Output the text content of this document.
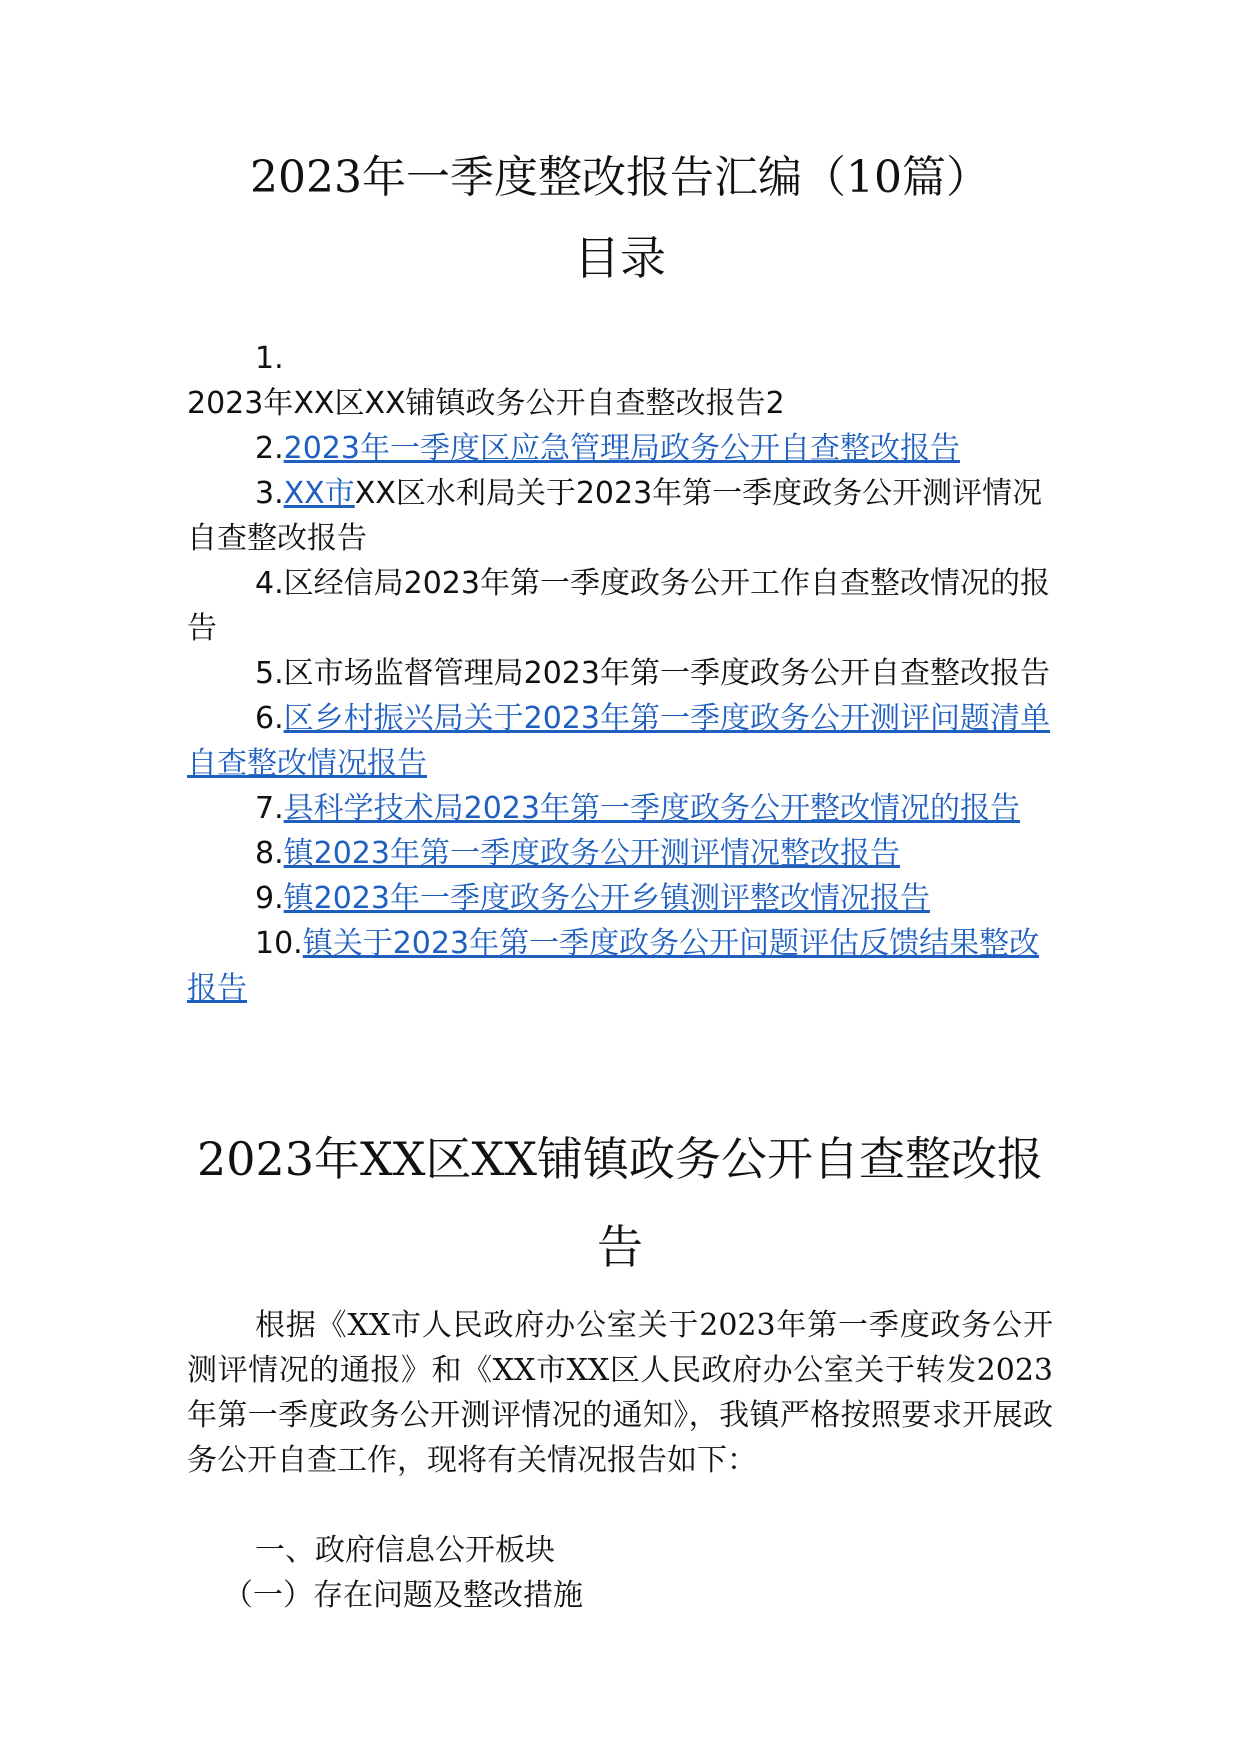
2023年一季度整改报告汇编（10篇）
目录
1.
2023年XX区XX铺镇政务公开自查整改报告2
2.2023年一季度区应急管理局政务公开自查整改报告
3.XX市XX区水利局关于2023年第一季度政务公开测评情况自查整改报告
4.区经信局2023年第一季度政务公开工作自查整改情况的报告
5.区市场监督管理局2023年第一季度政务公开自查整改报告
6.区乡村振兴局关于2023年第一季度政务公开测评问题清单自查整改情况报告
7.县科学技术局2023年第一季度政务公开整改情况的报告
8.镇2023年第一季度政务公开测评情况整改报告
9.镇2023年一季度政务公开乡镇测评整改情况报告
10.镇关于2023年第一季度政务公开问题评估反馈结果整改报告
2023年XX区XX铺镇政务公开自查整改报
告

根据《XX市人民政府办公室关于2023年第一季度政务公开测评情况的通报》和《XX市XX区人民政府办公室关于转发2023年第一季度政务公开测评情况的通知》，我镇严格按照要求开展政务公开自查工作，现将有关情况报告如下：

一、政府信息公开板块

（一）存在问题及整改措施
